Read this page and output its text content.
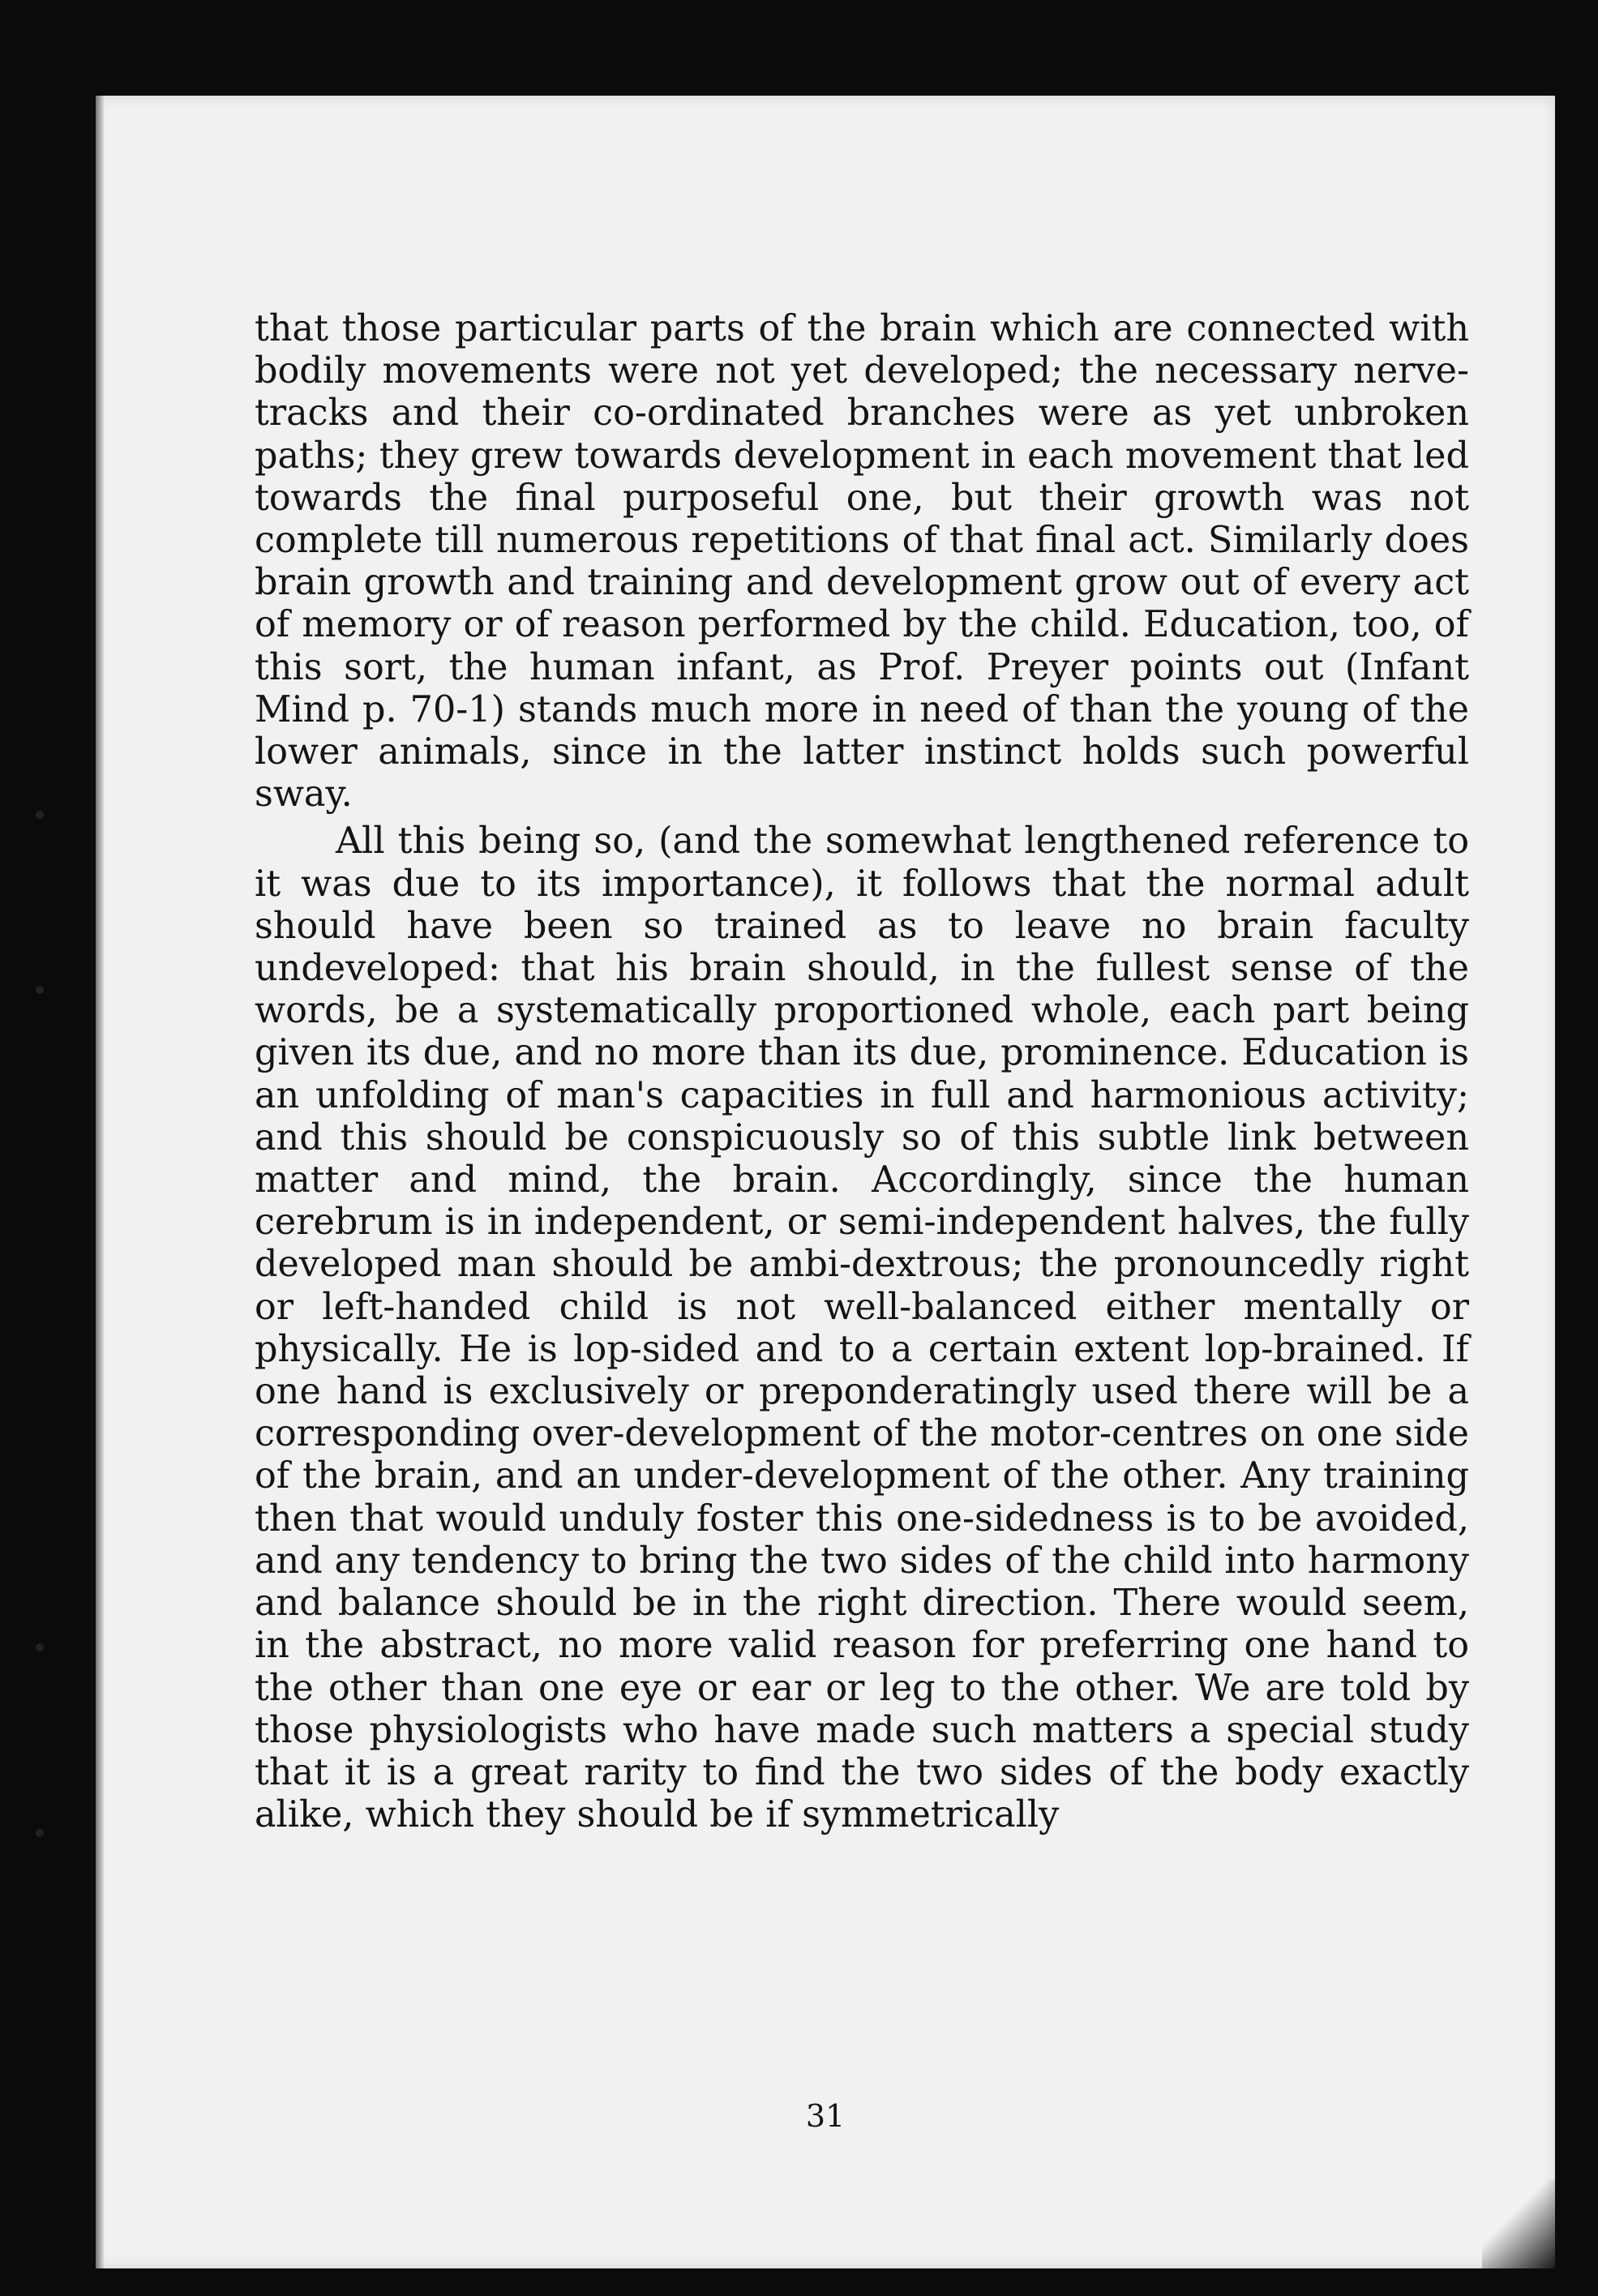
that those particular parts of the brain which are connected with bodily movements were not yet developed; the necessary nerve-tracks and their co-ordinated branches were as yet unbroken paths; they grew towards development in each movement that led towards the final purposeful one, but their growth was not complete till numerous repetitions of that final act. Similarly does brain growth and training and development grow out of every act of memory or of reason performed by the child. Education, too, of this sort, the human infant, as Prof. Preyer points out (Infant Mind p. 70-1) stands much more in need of than the young of the lower animals, since in the latter instinct holds such powerful sway.

All this being so, (and the somewhat lengthened reference to it was due to its importance), it follows that the normal adult should have been so trained as to leave no brain faculty undeveloped: that his brain should, in the fullest sense of the words, be a systematically proportioned whole, each part being given its due, and no more than its due, prominence. Education is an unfolding of man's capacities in full and harmonious activity; and this should be conspicuously so of this subtle link between matter and mind, the brain. Accordingly, since the human cerebrum is in independent, or semi-independent halves, the fully developed man should be ambi-dextrous; the pronouncedly right or left-handed child is not well-balanced either mentally or physically. He is lop-sided and to a certain extent lop-brained. If one hand is exclusively or preponderatingly used there will be a corresponding over-development of the motor-centres on one side of the brain, and an under-development of the other. Any training then that would unduly foster this one-sidedness is to be avoided, and any tendency to bring the two sides of the child into harmony and balance should be in the right direction. There would seem, in the abstract, no more valid reason for preferring one hand to the other than one eye or ear or leg to the other. We are told by those physiologists who have made such matters a special study that it is a great rarity to find the two sides of the body exactly alike, which they should be if symmetrically

31
